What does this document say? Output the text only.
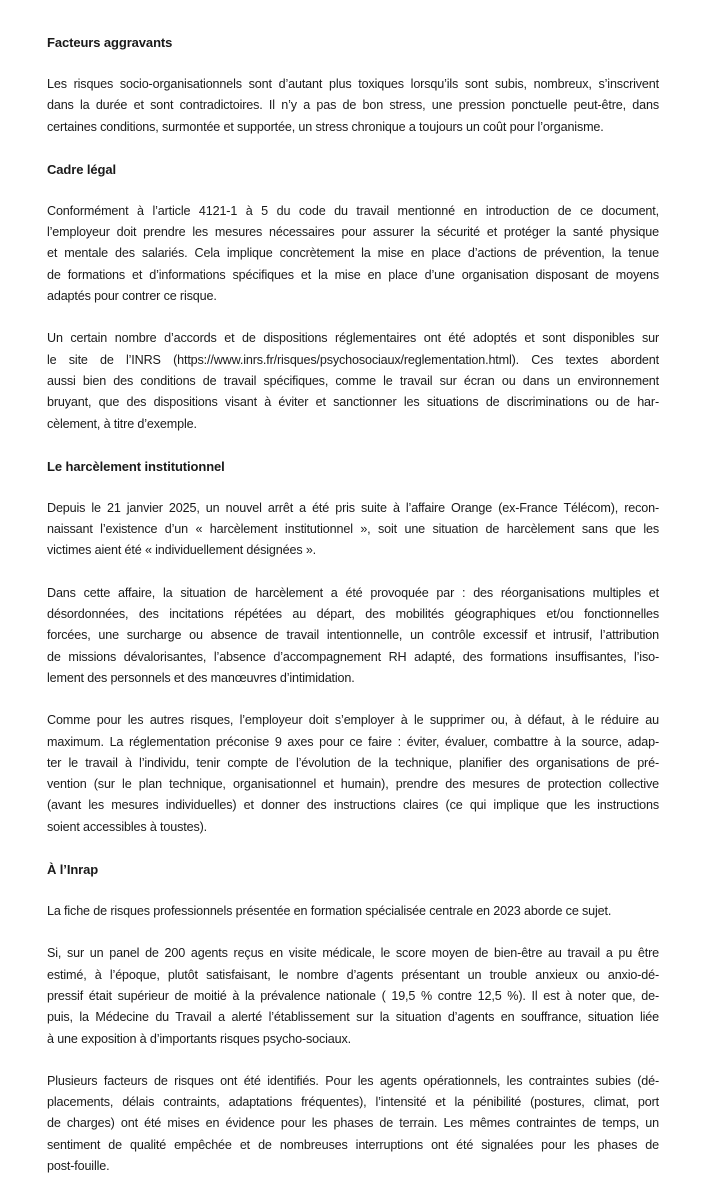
Facteurs aggravants
Les risques socio-organisationnels sont d’autant plus toxiques lorsqu’ils sont subis, nombreux, s’inscrivent
dans la durée et sont contradictoires. Il n’y a pas de bon stress, une pression ponctuelle peut-être, dans
certaines conditions, surmontée et supportée, un stress chronique a toujours un coût pour l’organisme.
Cadre légal
Conformément à l’article 4121-1 à 5 du code du travail mentionné en introduction de ce document,
l’employeur doit prendre les mesures nécessaires pour assurer la sécurité et protéger la santé physique
et mentale des salariés. Cela implique concrètement la mise en place d’actions de prévention, la tenue
de formations et d’informations spécifiques et la mise en place d’une organisation disposant de moyens
adaptés pour contrer ce risque.
Un certain nombre d’accords et de dispositions réglementaires ont été adoptés et sont disponibles sur
le site de l’INRS (https://www.inrs.fr/risques/psychosociaux/reglementation.html). Ces textes abordent
aussi bien des conditions de travail spécifiques, comme le travail sur écran ou dans un environnement
bruyant, que des dispositions visant à éviter et sanctionner les situations de discriminations ou de har-
cèlement, à titre d’exemple.
Le harcèlement institutionnel
Depuis le 21 janvier 2025, un nouvel arrêt a été pris suite à l’affaire Orange (ex-France Télécom), recon-
naissant l’existence d’un « harcèlement institutionnel », soit une situation de harcèlement sans que les
victimes aient été « individuellement désignées ».
Dans cette affaire, la situation de harcèlement a été provoquée par : des réorganisations multiples et
désordonnées, des incitations répétées au départ, des mobilités géographiques et/ou fonctionnelles
forcées, une surcharge ou absence de travail intentionnelle, un contrôle excessif et intrusif, l’attribution
de missions dévalorisantes, l’absence d’accompagnement RH adapté, des formations insuffisantes, l’iso-
lement des personnels et des manœuvres d’intimidation.
Comme pour les autres risques, l’employeur doit s’employer à le supprimer ou, à défaut, à le réduire au
maximum. La réglementation préconise 9 axes pour ce faire : éviter, évaluer, combattre à la source, adap-
ter le travail à l’individu, tenir compte de l’évolution de la technique, planifier des organisations de pré-
vention (sur le plan technique, organisationnel et humain), prendre des mesures de protection collective
(avant les mesures individuelles) et donner des instructions claires (ce qui implique que les instructions
soient accessibles à toustes).
À l’Inrap
La fiche de risques professionnels présentée en formation spécialisée centrale en 2023 aborde ce sujet.
Si, sur un panel de 200 agents reçus en visite médicale, le score moyen de bien-être au travail a pu être
estimé, à l’époque, plutôt satisfaisant, le nombre d’agents présentant un trouble anxieux ou anxio-dé-
pressif était supérieur de moitié à la prévalence nationale ( 19,5 % contre 12,5 %). Il est à noter que, de-
puis, la Médecine du Travail a alerté l’établissement sur la situation d’agents en souffrance, situation liée
à une exposition à d’importants risques psycho-sociaux.
Plusieurs facteurs de risques ont été identifiés. Pour les agents opérationnels, les contraintes subies (dé-
placements, délais contraints, adaptations fréquentes), l’intensité et la pénibilité (postures, climat, port
de charges) ont été mises en évidence pour les phases de terrain. Les mêmes contraintes de temps, un
sentiment de qualité empêchée et de nombreuses interruptions ont été signalées pour les phases de
post-fouille.
